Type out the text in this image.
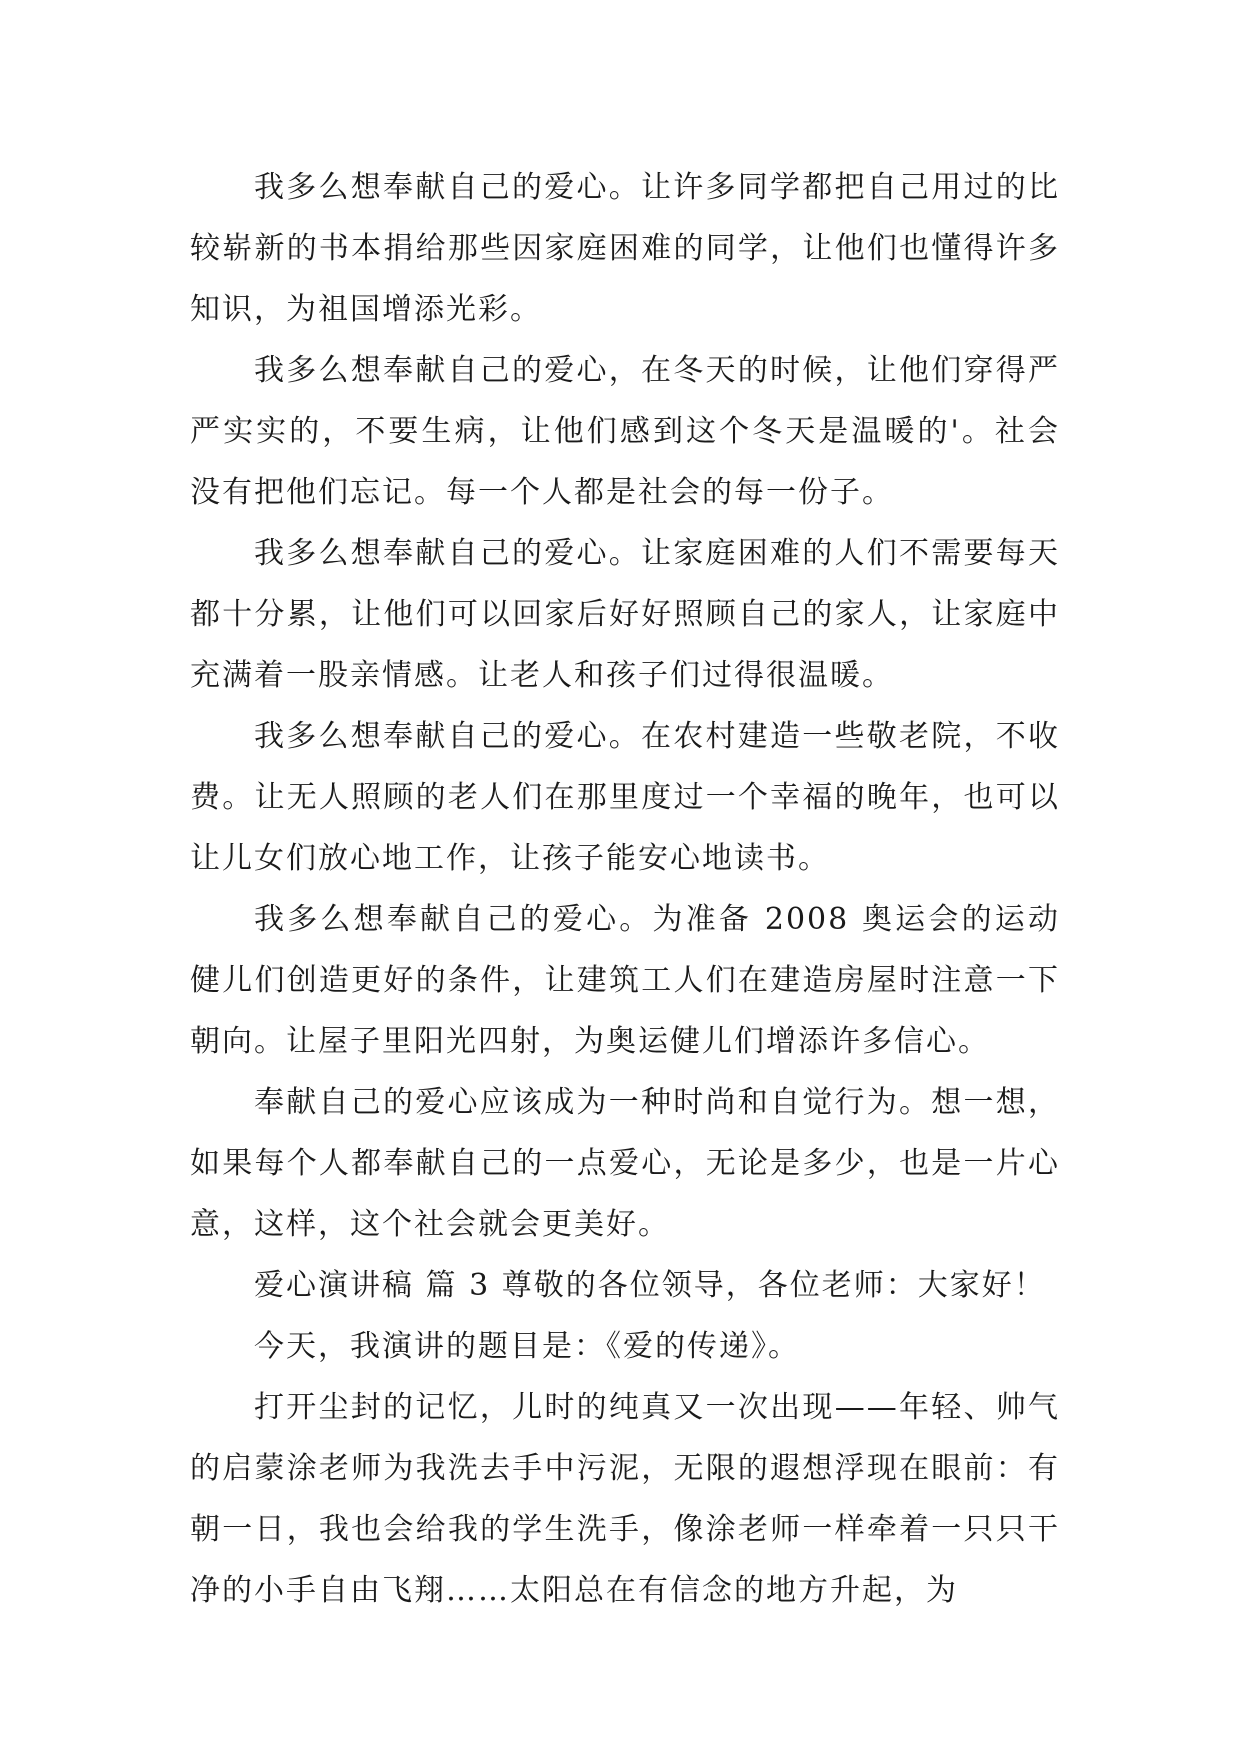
我多么想奉献自己的爱心。让许多同学都把自己用过的比较崭新的书本捐给那些因家庭困难的同学，让他们也懂得许多知识，为祖国增添光彩。

我多么想奉献自己的爱心，在冬天的时候，让他们穿得严严实实的，不要生病，让他们感到这个冬天是温暖的'。社会没有把他们忘记。每一个人都是社会的每一份子。

我多么想奉献自己的爱心。让家庭困难的人们不需要每天都十分累，让他们可以回家后好好照顾自己的家人，让家庭中充满着一股亲情感。让老人和孩子们过得很温暖。

我多么想奉献自己的爱心。在农村建造一些敬老院，不收费。让无人照顾的老人们在那里度过一个幸福的晚年，也可以让儿女们放心地工作，让孩子能安心地读书。

我多么想奉献自己的爱心。为准备 2008 奥运会的运动健儿们创造更好的条件，让建筑工人们在建造房屋时注意一下朝向。让屋子里阳光四射，为奥运健儿们增添许多信心。

奉献自己的爱心应该成为一种时尚和自觉行为。想一想，如果每个人都奉献自己的一点爱心，无论是多少，也是一片心意，这样，这个社会就会更美好。

爱心演讲稿 篇 3 尊敬的各位领导，各位老师：大家好！

今天，我演讲的题目是：《爱的传递》。

打开尘封的记忆，儿时的纯真又一次出现——年轻、帅气的启蒙涂老师为我洗去手中污泥，无限的遐想浮现在眼前：有朝一日，我也会给我的学生洗手，像涂老师一样牵着一只只干净的小手自由飞翔……太阳总在有信念的地方升起，为
